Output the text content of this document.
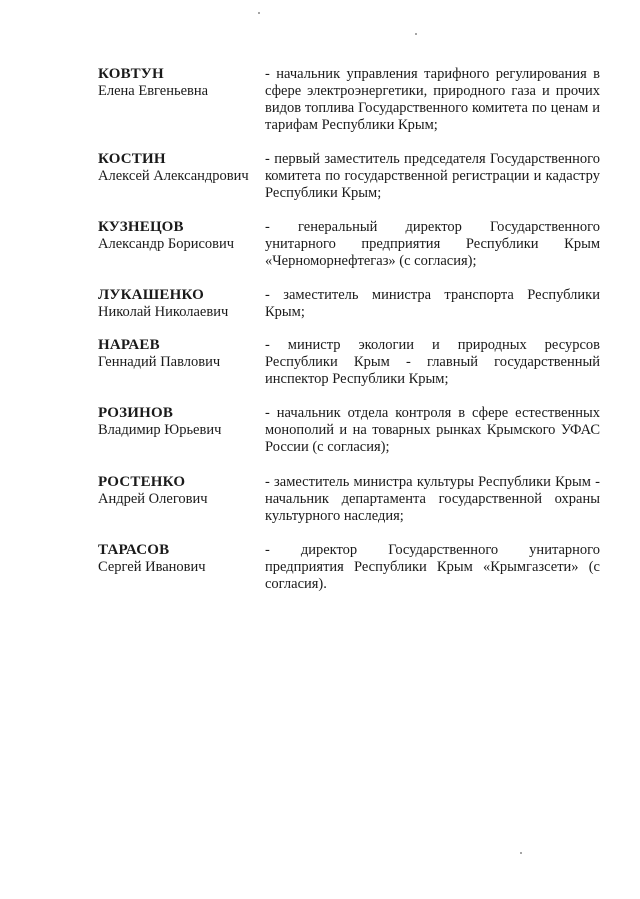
КОВТУН
Елена Евгеньевна
- начальник управления тарифного регулирования в сфере электроэнергетики, природного газа и прочих видов топлива Государственного комитета по ценам и тарифам Республики Крым;
КОСТИН
Алексей Александрович
- первый заместитель председателя Государственного комитета по государственной регистрации и кадастру Республики Крым;
КУЗНЕЦОВ
Александр Борисович
- генеральный директор Государственного унитарного предприятия Республики Крым «Черноморнефтегаз» (с согласия);
ЛУКАШЕНКО
Николай Николаевич
- заместитель министра транспорта Республики Крым;
НАРАЕВ
Геннадий Павлович
- министр экологии и природных ресурсов Республики Крым - главный государственный инспектор Республики Крым;
РОЗИНОВ
Владимир Юрьевич
- начальник отдела контроля в сфере естественных монополий и на товарных рынках Крымского УФАС России (с согласия);
РОСТЕНКО
Андрей Олегович
- заместитель министра культуры Республики Крым - начальник департамента государственной охраны культурного наследия;
ТАРАСОВ
Сергей Иванович
- директор Государственного унитарного предприятия Республики Крым «Крымгазсети» (с согласия).
